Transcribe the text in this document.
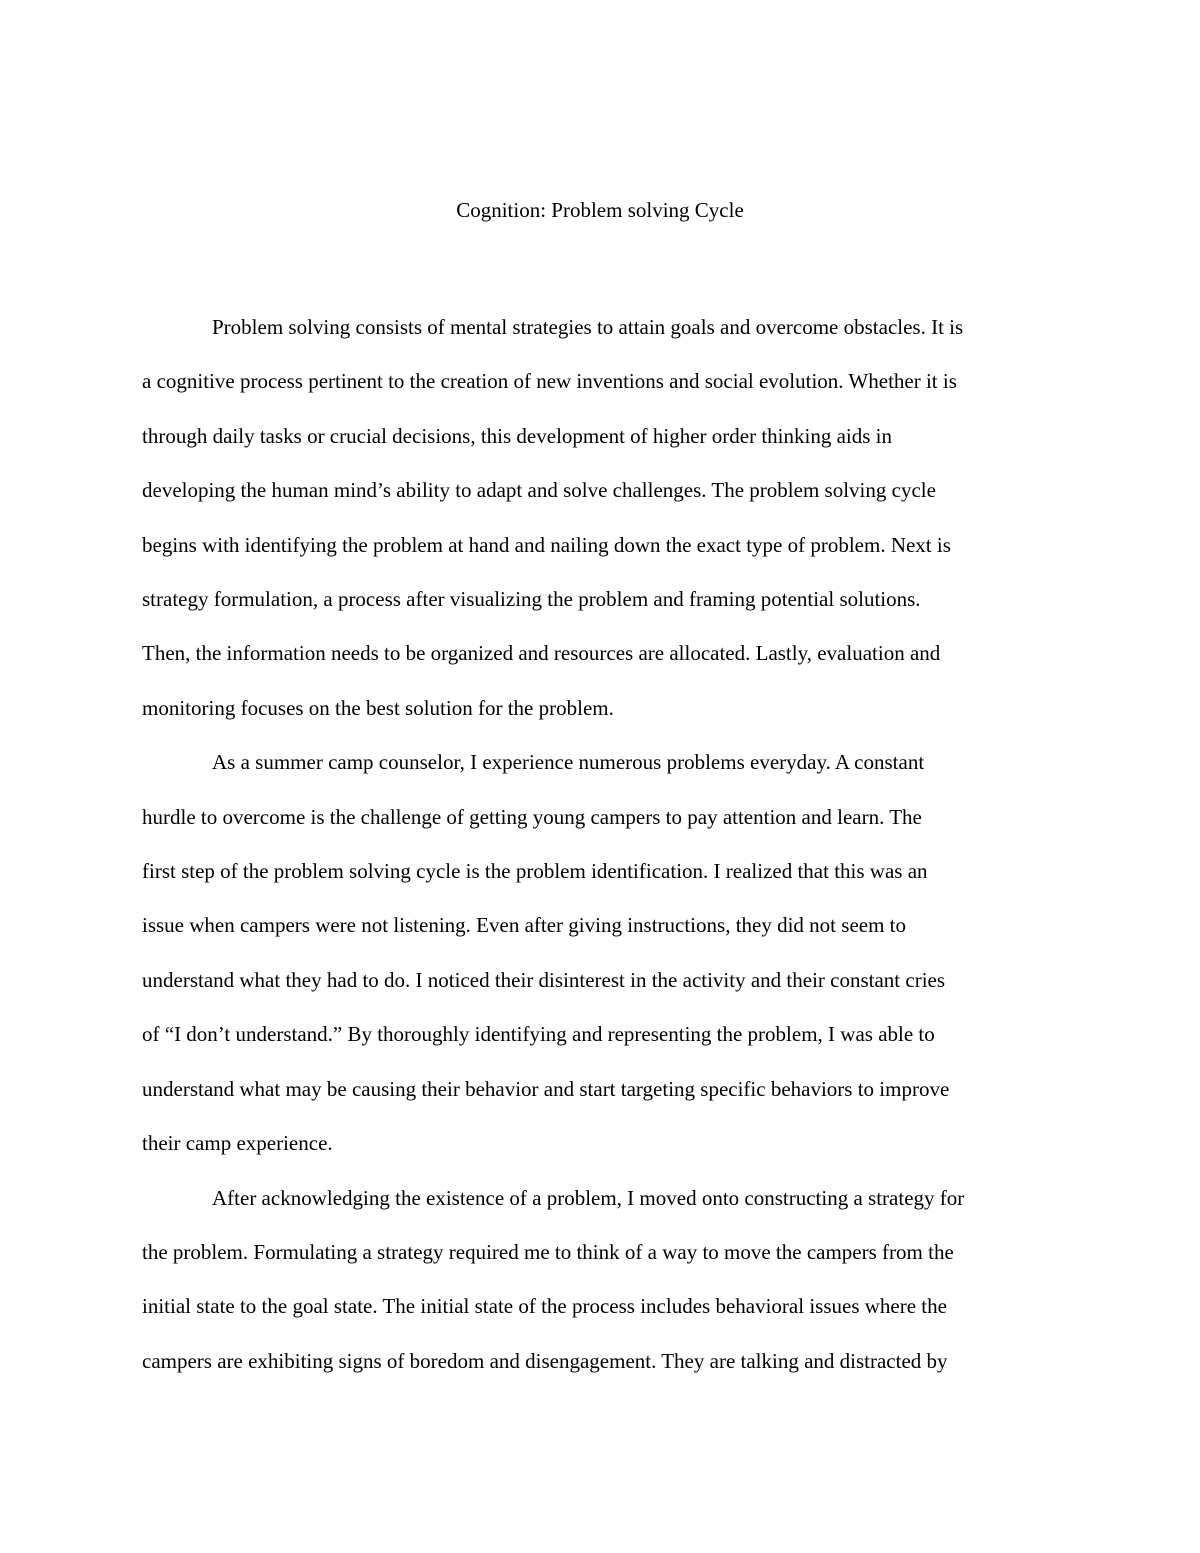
Cognition: Problem solving Cycle

Problem solving consists of mental strategies to attain goals and overcome obstacles. It is
a cognitive process pertinent to the creation of new inventions and social evolution. Whether it is
through daily tasks or crucial decisions, this development of higher order thinking aids in
developing the human mind’s ability to adapt and solve challenges. The problem solving cycle
begins with identifying the problem at hand and nailing down the exact type of problem. Next is
strategy formulation, a process after visualizing the problem and framing potential solutions.
Then, the information needs to be organized and resources are allocated. Lastly, evaluation and
monitoring focuses on the best solution for the problem.

As a summer camp counselor, I experience numerous problems everyday. A constant
hurdle to overcome is the challenge of getting young campers to pay attention and learn. The
first step of the problem solving cycle is the problem identification. I realized that this was an
issue when campers were not listening. Even after giving instructions, they did not seem to
understand what they had to do. I noticed their disinterest in the activity and their constant cries
of “I don’t understand.” By thoroughly identifying and representing the problem, I was able to
understand what may be causing their behavior and start targeting specific behaviors to improve
their camp experience.

After acknowledging the existence of a problem, I moved onto constructing a strategy for
the problem. Formulating a strategy required me to think of a way to move the campers from the
initial state to the goal state. The initial state of the process includes behavioral issues where the
campers are exhibiting signs of boredom and disengagement. They are talking and distracted by
